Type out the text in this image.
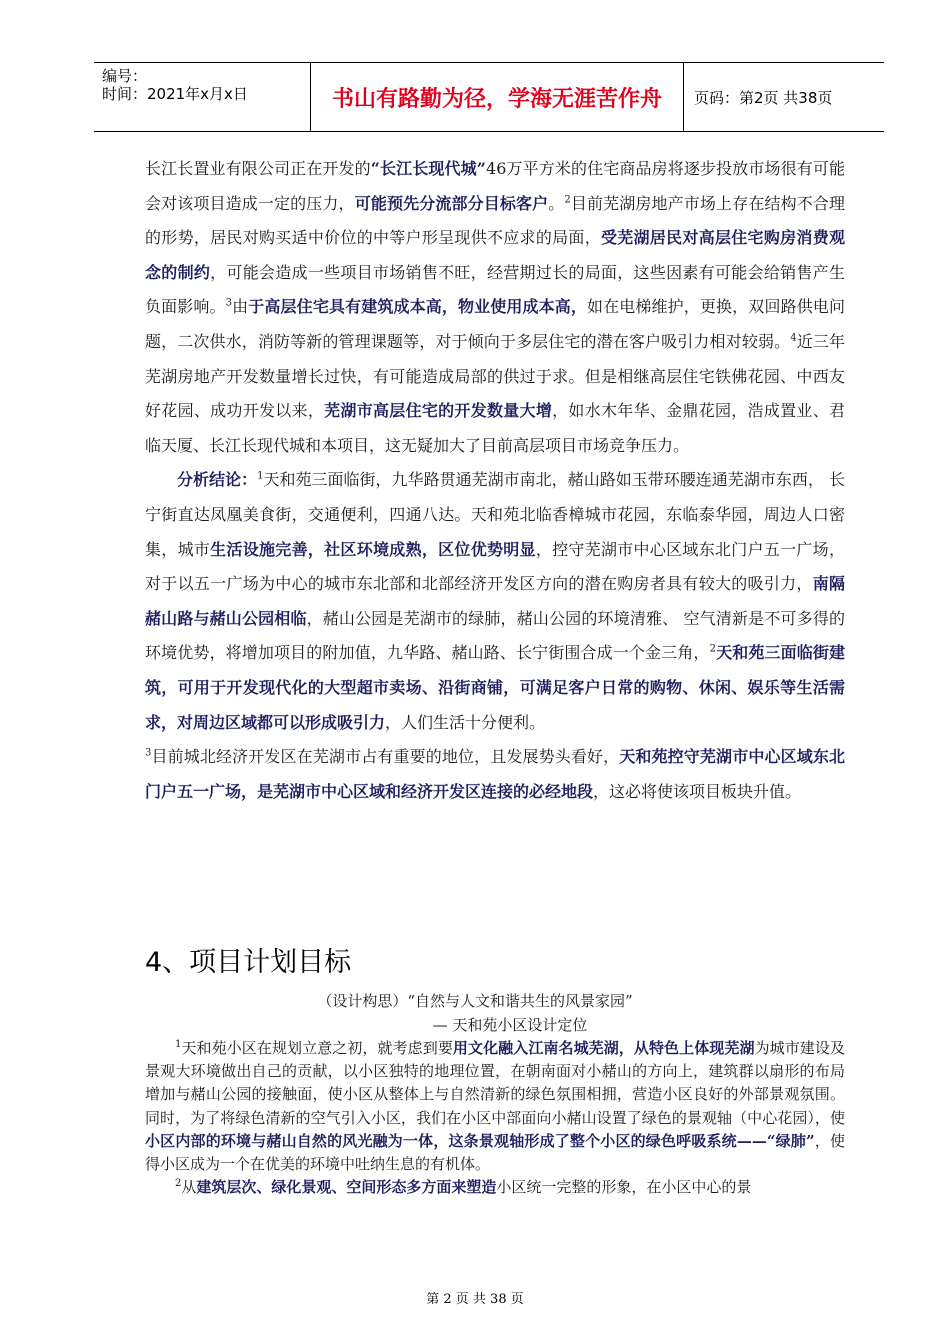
编号：
时间：2021年x月x日	书山有路勤为径，学海无涯苦作舟	页码：第2页 共38页

长江长置业有限公司正在开发的“长江长现代城”46万平方米的住宅商品房将逐步投放市场很有可能会对该项目造成一定的压力，可能预先分流部分目标客户。$^2$目前芜湖房地产市场上存在结构不合理的形势，居民对购买适中价位的中等户形呈现供不应求的局面，受芜湖居民对高层住宅购房消费观念的制约，可能会造成一些项目市场销售不旺，经营期过长的局面，这些因素有可能会给销售产生负面影响。$^3$由于高层住宅具有建筑成本高，物业使用成本高，如在电梯维护，更换，双回路供电问题，二次供水，消防等新的管理课题等，对于倾向于多层住宅的潜在客户吸引力相对较弱。$^4$近三年芜湖房地产开发数量增长过快，有可能造成局部的供过于求。但是相继高层住宅铁佛花园、中西友好花园、成功开发以来，芜湖市高层住宅的开发数量大增，如水木年华、金鼎花园，浩成置业、君临天厦、长江长现代城和本项目，这无疑加大了目前高层项目市场竞争压力。

分析结论：$^1$天和苑三面临街，九华路贯通芜湖市南北，赭山路如玉带环腰连通芜湖市东西， 长宁街直达凤凰美食街，交通便利，四通八达。天和苑北临香樟城市花园，东临泰华园，周边人口密集，城市生活设施完善，社区环境成熟，区位优势明显，控守芜湖市中心区域东北门户五一广场，对于以五一广场为中心的城市东北部和北部经济开发区方向的潜在购房者具有较大的吸引力，南隔赭山路与赭山公园相临，赭山公园是芜湖市的绿肺，赭山公园的环境清雅、 空气清新是不可多得的环境优势，将增加项目的附加值，九华路、赭山路、长宁街围合成一个金三角，$^2$天和苑三面临街建筑，可用于开发现代化的大型超市卖场、沿街商铺，可满足客户日常的购物、休闲、娱乐等生活需求，对周边区域都可以形成吸引力，人们生活十分便利。
$^3$目前城北经济开发区在芜湖市占有重要的地位，且发展势头看好，天和苑控守芜湖市中心区域东北门户五一广场，是芜湖市中心区域和经济开发区连接的必经地段，这必将使该项目板块升值。

4、项目计划目标
（设计构思）“自然与人文和谐共生的风景家园”
— 天和苑小区设计定位

$^1$天和苑小区在规划立意之初，就考虑到要用文化融入江南名城芜湖，从特色上体现芜湖为城市建设及景观大环境做出自己的贡献，以小区独特的地理位置，在朝南面对小赭山的方向上，建筑群以扇形的布局增加与赭山公园的接触面，使小区从整体上与自然清新的绿色氛围相拥，营造小区良好的外部景观氛围。同时，为了将绿色清新的空气引入小区，我们在小区中部面向小赭山设置了绿色的景观轴（中心花园），使小区内部的环境与赭山自然的风光融为一体，这条景观轴形成了整个小区的绿色呼吸系统——“绿肺”，使得小区成为一个在优美的环境中吐纳生息的有机体。

$^2$从建筑层次、绿化景观、空间形态多方面来塑造小区统一完整的形象，在小区中心的景

第 2 页 共 38 页
